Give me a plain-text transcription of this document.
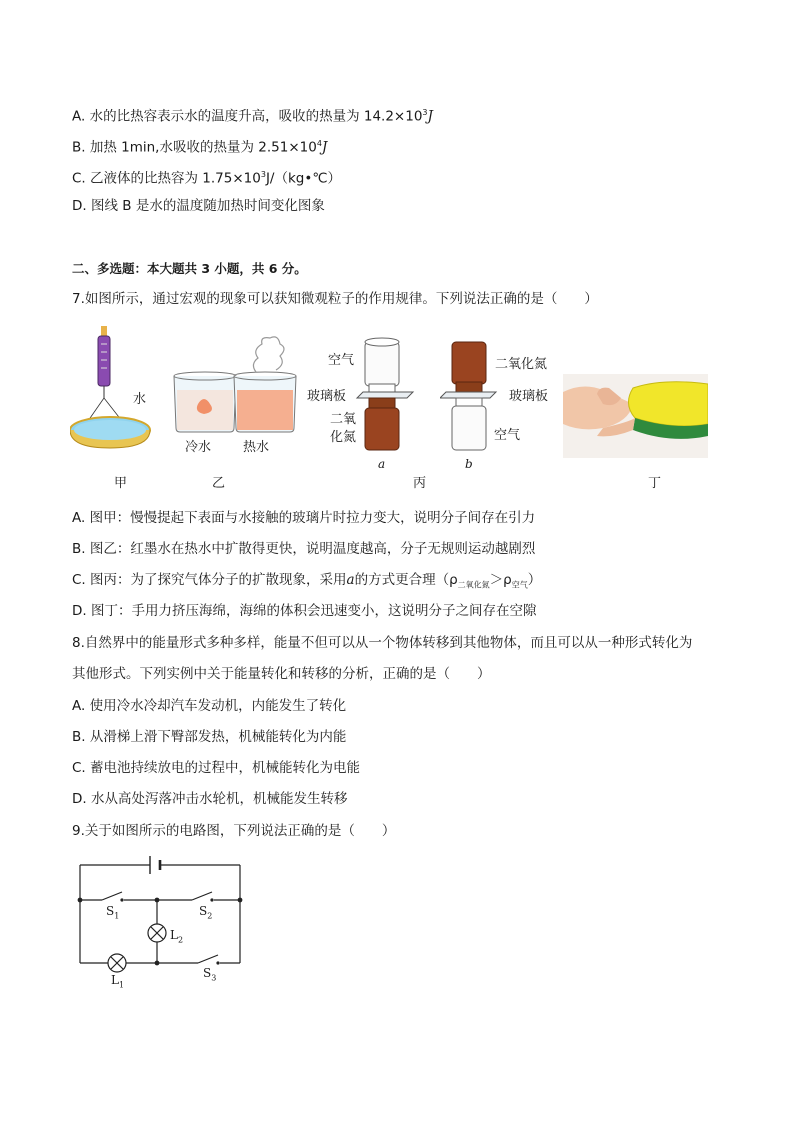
A. 水的比热容表示水的温度升高，吸收的热量为 $14.2\times 10^3J$
B. 加热 1min,水吸收的热量为 $2.51\times 10^4J$
C. 乙液体的比热容为 $1.75\times 10^3J/(kg•℃)$
D. 图线 B 是水的温度随加热时间变化图象
二、多选题：本大题共 3 小题，共 6 分。
7.如图所示，通过宏观的现象可以获知微观粒子的作用规律。下列说法正确的是（　　）
水
甲
冷水 热水
乙
空气
玻璃板
二氧
化氮
a
二氧化氮
玻璃板
空气
b
丙	丁
A. 图甲：慢慢提起下表面与水接触的玻璃片时拉力变大，说明分子间存在引力
B. 图乙：红墨水在热水中扩散得更快，说明温度越高，分子无规则运动越剧烈
C. 图丙：为了探究气体分子的扩散现象，采用a的方式更合理$(\rho_{二氧化氮}>\rho_{空气})$
D. 图丁：手用力挤压海绵，海绵的体积会迅速变小，这说明分子之间存在空隙
8.自然界中的能量形式多种多样，能量不但可以从一个物体转移到其他物体，而且可以从一种形式转化为
其他形式。下列实例中关于能量转化和转移的分析，正确的是（　　）
A. 使用冷水冷却汽车发动机，内能发生了转化
B. 从滑梯上滑下臀部发热，机械能转化为内能
C. 蓄电池持续放电的过程中，机械能转化为电能
D. 水从高处泻落冲击水轮机，机械能发生转移
9.关于如图所示的电路图，下列说法正确的是（　　）
$S_1$	$S_2$
$L_2$
$L_1$
$S_3$
